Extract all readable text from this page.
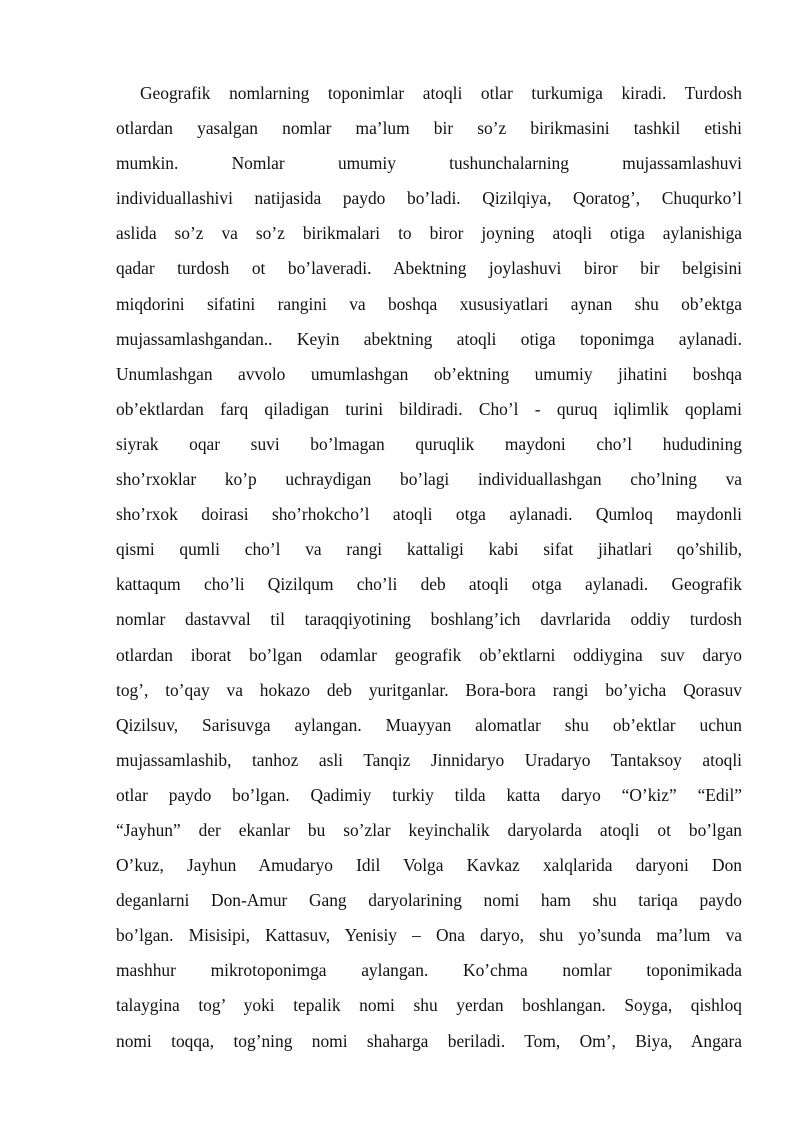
Geografik nomlarning toponimlar atoqli otlar turkumiga kiradi. Turdosh
otlardan yasalgan nomlar ma’lum bir so’z birikmasini tashkil etishi
mumkin. Nomlar umumiy tushunchalarning mujassamlashuvi
individuallashivi natijasida paydo bo’ladi. Qizilqiya, Qoratog’, Chuqurko’l
aslida so’z va so’z birikmalari to biror joyning atoqli otiga aylanishiga
qadar turdosh ot bo’laveradi. Abektning joylashuvi biror bir belgisini
miqdorini sifatini rangini va boshqa xususiyatlari aynan shu ob’ektga
mujassamlashgandan.. Keyin abektning atoqli otiga toponimga aylanadi.
Unumlashgan avvolo umumlashgan ob’ektning umumiy jihatini boshqa
ob’ektlardan farq qiladigan turini bildiradi. Cho’l - quruq iqlimlik qoplami
siyrak oqar suvi bo’lmagan quruqlik maydoni cho’l hududining
sho’rxoklar ko’p uchraydigan bo’lagi individuallashgan cho’lning va
sho’rxok doirasi sho’rhokcho’l atoqli otga aylanadi. Qumloq maydonli
qismi qumli cho’l va rangi kattaligi kabi sifat jihatlari qo’shilib,
kattaqum cho’li Qizilqum cho’li deb atoqli otga aylanadi. Geografik
nomlar dastavval til taraqqiyotining boshlang’ich davrlarida oddiy turdosh
otlardan iborat bo’lgan odamlar geografik ob’ektlarni oddiygina suv daryo
tog’, to’qay va hokazo deb yuritganlar. Bora-bora rangi bo’yicha Qorasuv
Qizilsuv, Sarisuvga aylangan. Muayyan alomatlar shu ob’ektlar uchun
mujassamlashib, tanhoz asli Tanqiz Jinnidaryo Uradaryo Tantaksoy atoqli
otlar paydo bo’lgan. Qadimiy turkiy tilda katta daryo “O’kiz” “Edil”
“Jayhun” der ekanlar bu so’zlar keyinchalik daryolarda atoqli ot bo’lgan
O’kuz, Jayhun Amudaryo Idil Volga Kavkaz xalqlarida daryoni Don
deganlarni Don-Amur Gang daryolarining nomi ham shu tariqa paydo
bo’lgan. Misisipi, Kattasuv, Yenisiy – Ona daryo, shu yo’sunda ma’lum va
mashhur mikrotoponimga aylangan. Ko’chma nomlar toponimikada
talaygina tog’ yoki tepalik nomi shu yerdan boshlangan. Soyga, qishloq
nomi toqqa, tog’ning nomi shaharga beriladi. Tom, Om’, Biya, Angara
